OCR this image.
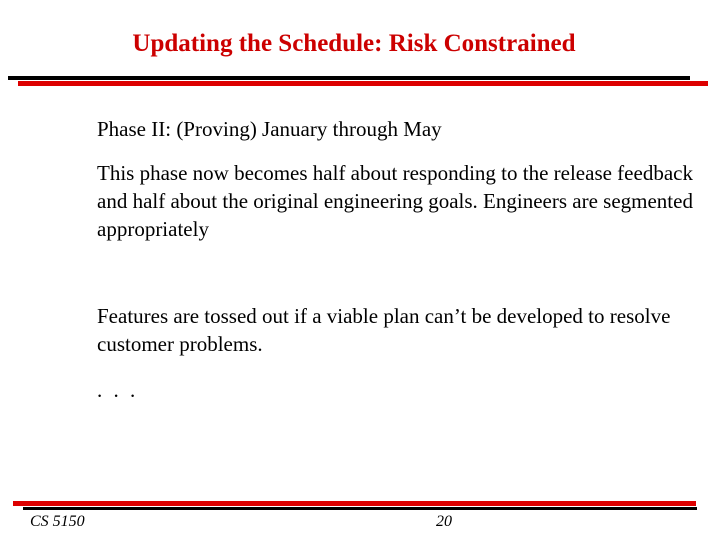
Updating the Schedule: Risk Constrained

Phase II: (Proving) January through May

This phase now becomes half about responding to the release feedback and half about the original engineering goals. Engineers are segmented appropriately

Features are tossed out if a viable plan can’t be developed to resolve customer problems.

. . .

CS 5150	20
